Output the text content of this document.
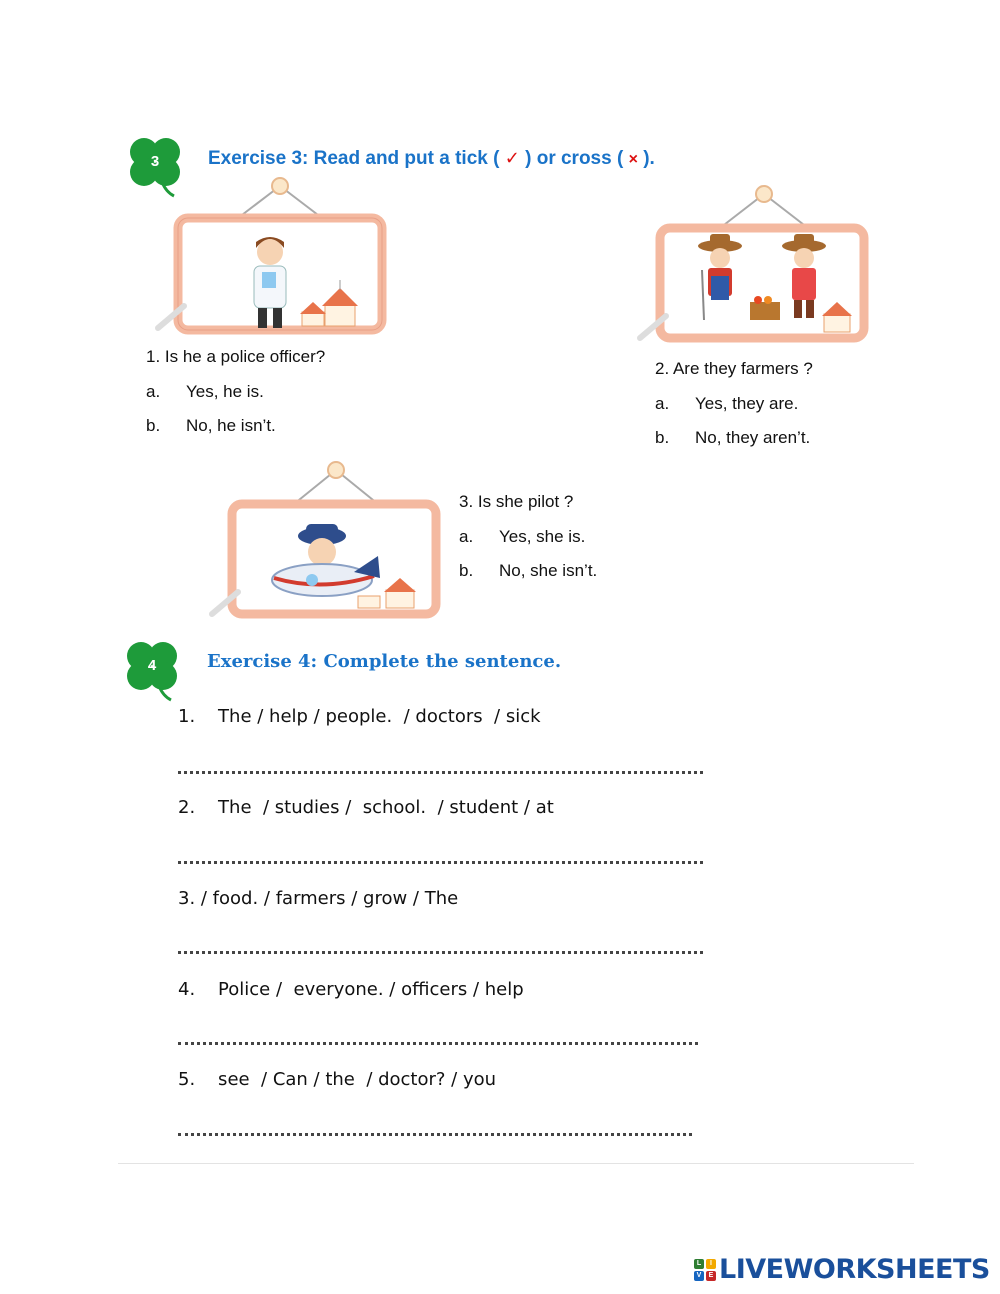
3	Exercise 3: Read and put a tick ( ✓ ) or cross ( × ).
1. Is he a police officer?
a. Yes, he is.
b. No, he isn’t.
2. Are they farmers ?
a. Yes, they are.
b. No, they aren’t.
3. Is she pilot ?
a. Yes, she is.
b. No, she isn’t.
4	Exercise 4: Complete the sentence.
1.    The / help / people.  / doctors  / sick
2.    The  / studies /  school.  / student / at
3. / food. / farmers / grow / The
4.    Police /  everyone. / officers / help
5.    see  / Can / the  / doctor? / you
L	I
V	E LIVEWORKSHEETS
